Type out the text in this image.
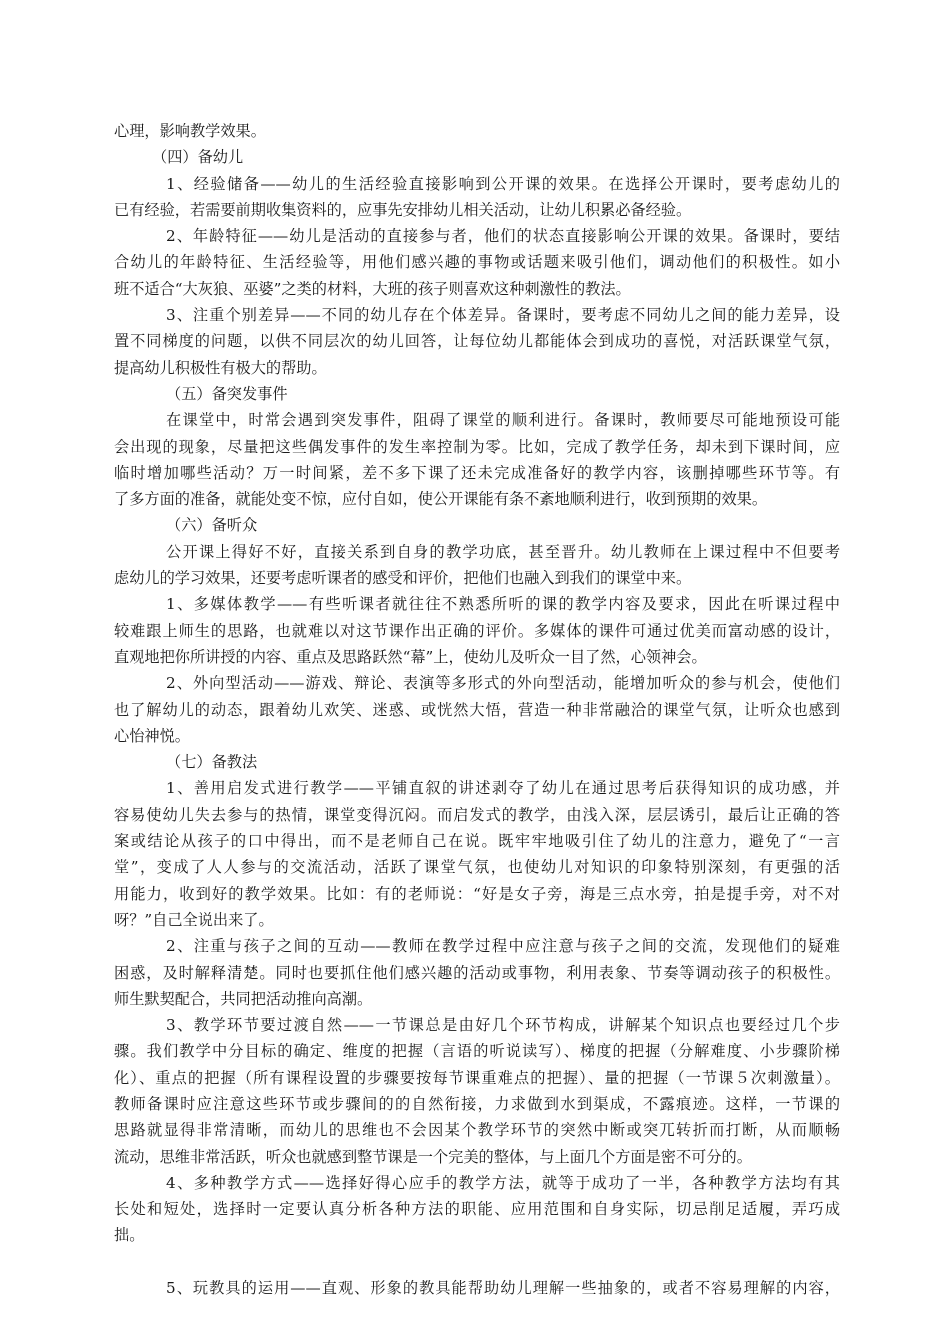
心理，影响教学效果。
（四）备幼儿
1、经验储备——幼儿的生活经验直接影响到公开课的效果。在选择公开课时，要考虑幼儿的
已有经验，若需要前期收集资料的，应事先安排幼儿相关活动，让幼儿积累必备经验。
2、年龄特征——幼儿是活动的直接参与者，他们的状态直接影响公开课的效果。备课时，要结
合幼儿的年龄特征、生活经验等，用他们感兴趣的事物或话题来吸引他们，调动他们的积极性。如小
班不适合“大灰狼、巫婆”之类的材料，大班的孩子则喜欢这种刺激性的教法。
3、注重个别差异——不同的幼儿存在个体差异。备课时，要考虑不同幼儿之间的能力差异，设
置不同梯度的问题，以供不同层次的幼儿回答，让每位幼儿都能体会到成功的喜悦，对活跃课堂气氛，
提高幼儿积极性有极大的帮助。
（五）备突发事件
在课堂中，时常会遇到突发事件，阻碍了课堂的顺利进行。备课时，教师要尽可能地预设可能
会出现的现象，尽量把这些偶发事件的发生率控制为零。比如，完成了教学任务，却未到下课时间，应
临时增加哪些活动？万一时间紧，差不多下课了还未完成准备好的教学内容，该删掉哪些环节等。有
了多方面的准备，就能处变不惊，应付自如，使公开课能有条不紊地顺利进行，收到预期的效果。
（六）备听众
公开课上得好不好，直接关系到自身的教学功底，甚至晋升。幼儿教师在上课过程中不但要考
虑幼儿的学习效果，还要考虑听课者的感受和评价，把他们也融入到我们的课堂中来。
1、多媒体教学——有些听课者就往往不熟悉所听的课的教学内容及要求，因此在听课过程中
较难跟上师生的思路，也就难以对这节课作出正确的评价。多媒体的课件可通过优美而富动感的设计，
直观地把你所讲授的内容、重点及思路跃然“幕”上，使幼儿及听众一目了然，心领神会。
2、外向型活动——游戏、辩论、表演等多形式的外向型活动，能增加听众的参与机会，使他们
也了解幼儿的动态，跟着幼儿欢笑、迷惑、或恍然大悟，营造一种非常融洽的课堂气氛，让听众也感到
心怡神悦。
（七）备教法
1、善用启发式进行教学——平铺直叙的讲述剥夺了幼儿在通过思考后获得知识的成功感，并
容易使幼儿失去参与的热情，课堂变得沉闷。而启发式的教学，由浅入深，层层诱引，最后让正确的答
案或结论从孩子的口中得出，而不是老师自己在说。既牢牢地吸引住了幼儿的注意力，避免了“一言
堂”，变成了人人参与的交流活动，活跃了课堂气氛，也使幼儿对知识的印象特别深刻，有更强的活
用能力，收到好的教学效果。比如：有的老师说：“好是女子旁，海是三点水旁，拍是提手旁，对不对
呀？”自己全说出来了。
2、注重与孩子之间的互动——教师在教学过程中应注意与孩子之间的交流，发现他们的疑难
困惑，及时解释清楚。同时也要抓住他们感兴趣的活动或事物，利用表象、节奏等调动孩子的积极性。
师生默契配合，共同把活动推向高潮。
3、教学环节要过渡自然——一节课总是由好几个环节构成，讲解某个知识点也要经过几个步
骤。我们教学中分目标的确定、维度的把握（言语的听说读写）、梯度的把握（分解难度、小步骤阶梯
化）、重点的把握（所有课程设置的步骤要按每节课重难点的把握）、量的把握（一节课５次刺激量）。
教师备课时应注意这些环节或步骤间的的自然衔接，力求做到水到渠成，不露痕迹。这样，一节课的
思路就显得非常清晰，而幼儿的思维也不会因某个教学环节的突然中断或突兀转折而打断，从而顺畅
流动，思维非常活跃，听众也就感到整节课是一个完美的整体，与上面几个方面是密不可分的。
4、多种教学方式——选择好得心应手的教学方法，就等于成功了一半，各种教学方法均有其
长处和短处，选择时一定要认真分析各种方法的职能、应用范围和自身实际，切忌削足适履，弄巧成
拙。
5、玩教具的运用——直观、形象的教具能帮助幼儿理解一些抽象的，或者不容易理解的内容，
